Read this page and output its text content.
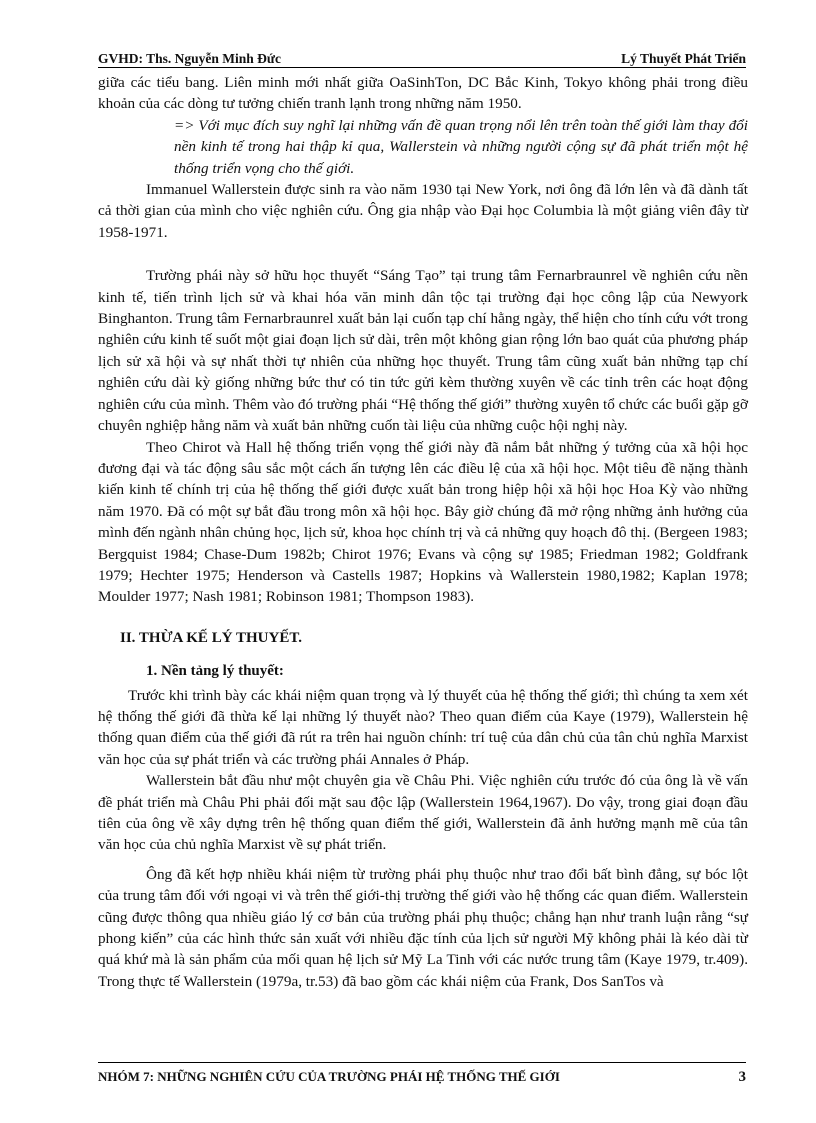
GVHD: Ths. Nguyễn Minh Đức	Lý Thuyết Phát Triển

giữa các tiểu bang. Liên minh mới nhất giữa OaSinhTon, DC Bắc Kinh, Tokyo không phải trong điều khoản của các dòng tư tưởng chiến tranh lạnh trong những năm 1950.

=> Với mục đích suy nghĩ lại những vấn đề quan trọng nổi lên trên toàn thế giới làm thay đổi nền kinh tế trong hai thập kỉ qua, Wallerstein và những người cộng sự đã phát triển một hệ thống triển vọng cho thế giới.

Immanuel Wallerstein được sinh ra vào năm 1930 tại New York, nơi ông đã lớn lên và đã dành tất cả thời gian của mình cho việc nghiên cứu. Ông gia nhập vào Đại học Columbia là một giảng viên đây từ 1958-1971.

Trường phái này sở hữu học thuyết “Sáng Tạo” tại trung tâm Fernarbraunrel về nghiên cứu nền kinh tế, tiến trình lịch sử và khai hóa văn minh dân tộc tại trường đại học công lập của Newyork Binghanton. Trung tâm Fernarbraunrel xuất bản lại cuốn tạp chí hằng ngày, thể hiện cho tính cứu vớt trong nghiên cứu kinh tế suốt một giai đoạn lịch sử dài, trên một không gian rộng lớn bao quát của phương pháp lịch sử xã hội và sự nhất thời tự nhiên của những học thuyết. Trung tâm cũng xuất bản những tạp chí nghiên cứu dài kỳ giống những bức thư có tin tức gửi kèm thường xuyên về các tỉnh trên các hoạt động nghiên cứu của mình. Thêm vào đó trường phái “Hệ thống thế giới” thường xuyên tổ chức các buổi gặp gỡ chuyên nghiệp hằng năm và xuất bản những cuốn tài liệu của những cuộc hội nghị này.

Theo Chirot và Hall hệ thống triển vọng thế giới này đã nắm bắt những ý tưởng của xã hội học đương đại và tác động sâu sắc một cách ấn tượng lên các điều lệ của xã hội học. Một tiêu đề nặng thành kiến kinh tế chính trị của hệ thống thế giới được xuất bản trong hiệp hội xã hội học Hoa Kỳ vào những năm 1970. Đã có một sự bắt đầu trong môn xã hội học. Bây giờ chúng đã mở rộng những ảnh hưởng của mình đến ngành nhân chủng học, lịch sử, khoa học chính trị và cả những quy hoạch đô thị. (Bergeen 1983; Bergquist 1984; Chase-Dum 1982b; Chirot 1976; Evans và cộng sự 1985; Friedman 1982; Goldfrank 1979; Hechter 1975; Henderson và Castells 1987; Hopkins và Wallerstein 1980,1982; Kaplan 1978; Moulder 1977; Nash 1981; Robinson 1981; Thompson 1983).

II. THỪA KẾ LÝ THUYẾT.

1. Nền tảng lý thuyết:

Trước khi trình bày các khái niệm quan trọng và lý thuyết của hệ thống thế giới; thì chúng ta xem xét hệ thống thế giới đã thừa kế lại những lý thuyết nào? Theo quan điểm của Kaye (1979), Wallerstein hệ thống quan điểm của thế giới đã rút ra trên hai nguồn chính: trí tuệ của dân chủ của tân chủ nghĩa Marxist văn học của sự phát triển và các trường phái Annales ở Pháp.

Wallerstein bắt đầu như một chuyên gia về Châu Phi. Việc nghiên cứu trước đó của ông là về vấn đề phát triển mà Châu Phi phải đối mặt sau độc lập (Wallerstein 1964,1967). Do vậy, trong giai đoạn đầu tiên của ông về xây dựng trên hệ thống quan điểm thế giới, Wallerstein đã ảnh hưởng mạnh mẽ của tân văn học của chủ nghĩa Marxist về sự phát triển.

Ông đã kết hợp nhiều khái niệm từ trường phái phụ thuộc như trao đổi bất bình đẳng, sự bóc lột của trung tâm đối với ngoại vi và trên thế giới-thị trường thế giới vào hệ thống các quan điểm. Wallerstein cũng được thông qua nhiều giáo lý cơ bản của trường phái phụ thuộc; chẳng hạn như tranh luận rằng “sự phong kiến” của các hình thức sản xuất với nhiều đặc tính của lịch sử người Mỹ không phải là kéo dài từ quá khứ mà là sản phẩm của mối quan hệ lịch sử Mỹ La Tinh với các nước trung tâm (Kaye 1979, tr.409). Trong thực tế Wallerstein (1979a, tr.53) đã bao gồm các khái niệm của Frank, Dos SanTos và

NHÓM 7: NHỮNG NGHIÊN CỨU CỦA TRƯỜNG PHÁI HỆ THỐNG THẾ GIỚI	3
